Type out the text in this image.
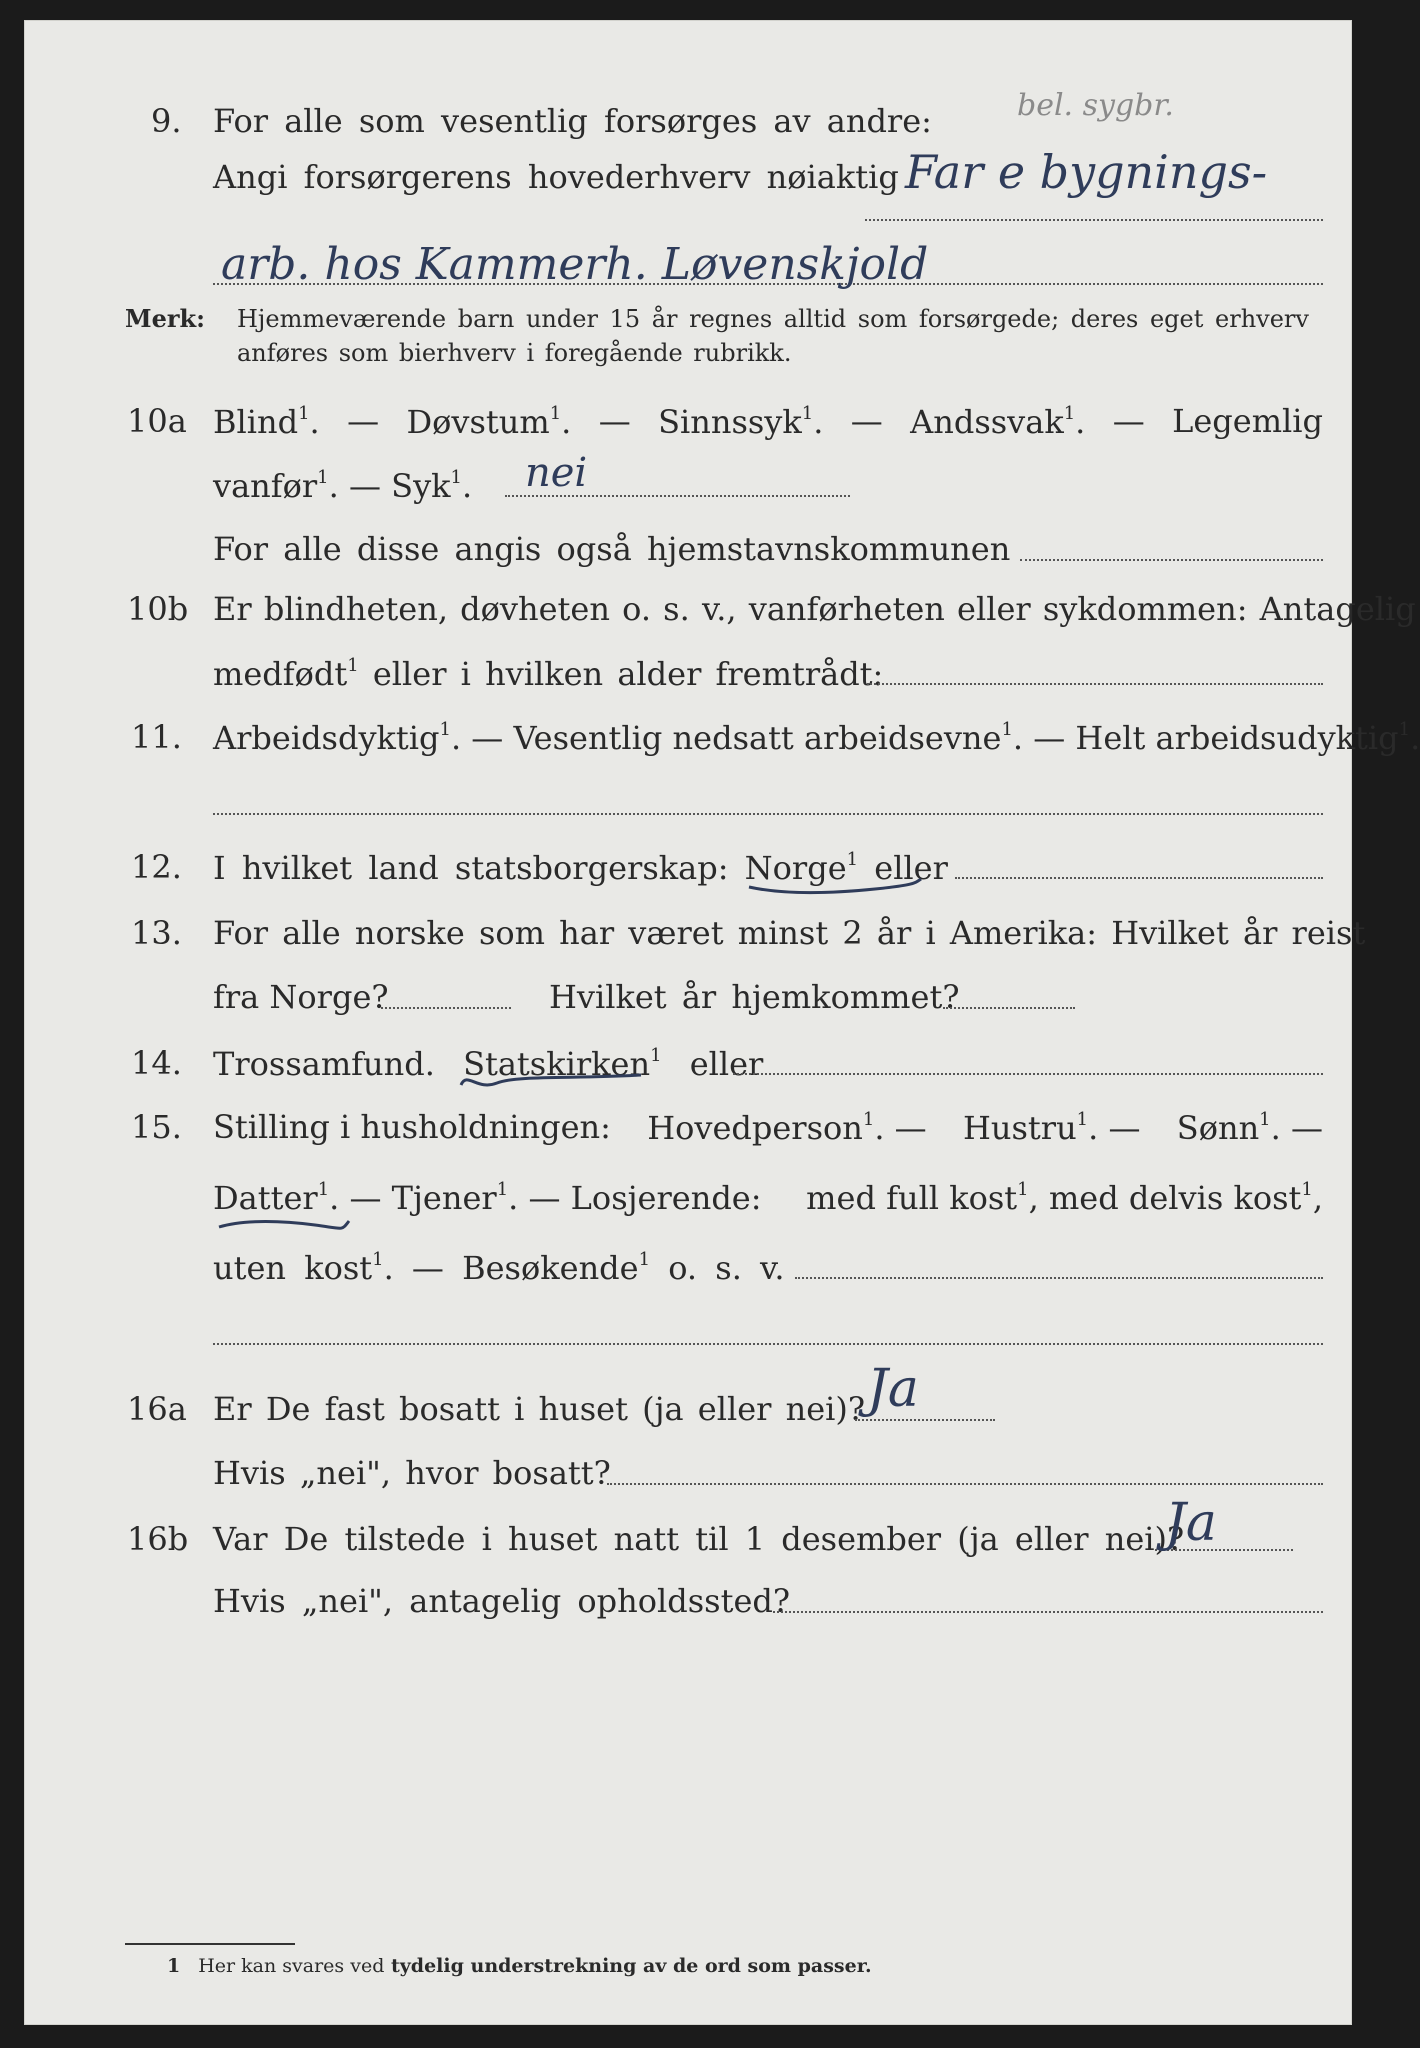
bel. sygbr.
9. For alle som vesentlig forsørges av andre:
Angi forsørgerens hovederhverv nøiaktig Far e bygnings-
arb. hos Kammerh. Løvenskjold
Merk: Hjemmeværende barn under 15 år regnes alltid som forsørgede; deres eget erhverv
anføres som bierhverv i foregående rubrikk.
10a Blind$^1$. — Døvstum$^1$. — Sinnssyk$^1$. — Andssvak$^1$. — Legemlig
vanfør$^1$. — Syk$^1$. nei
For alle disse angis også hjemstavnskommunen
10b Er blindheten, døvheten o. s. v., vanførheten eller sykdommen: Antagelig
medfødt$^1$ eller i hvilken alder fremtrådt:
11. Arbeidsdyktig$^1$. — Vesentlig nedsatt arbeidsevne$^1$. — Helt arbeidsudyktig$^1$.
12. I hvilket land statsborgerskap: Norge$^1$ eller
13. For alle norske som har været minst 2 år i Amerika: Hvilket år reist
fra Norge?	Hvilket år hjemkommet?
14. Trossamfund. Statskirken$^1$ eller
15. Stilling i husholdningen: Hovedperson$^1$. — Hustru$^1$. — Sønn$^1$. —
Datter$^1$. — Tjener$^1$. — Losjerende: med full kost$^1$, med delvis kost$^1$,
uten kost$^1$. — Besøkende$^1$ o. s. v.
16a Er De fast bosatt i huset (ja eller nei)? Ja
Hvis „nei", hvor bosatt?
16b Var De tilstede i huset natt til 1 desember (ja eller nei)?
Ja
Hvis „nei", antagelig opholdssted?
1 Her kan svares ved tydelig understrekning av de ord som passer.
